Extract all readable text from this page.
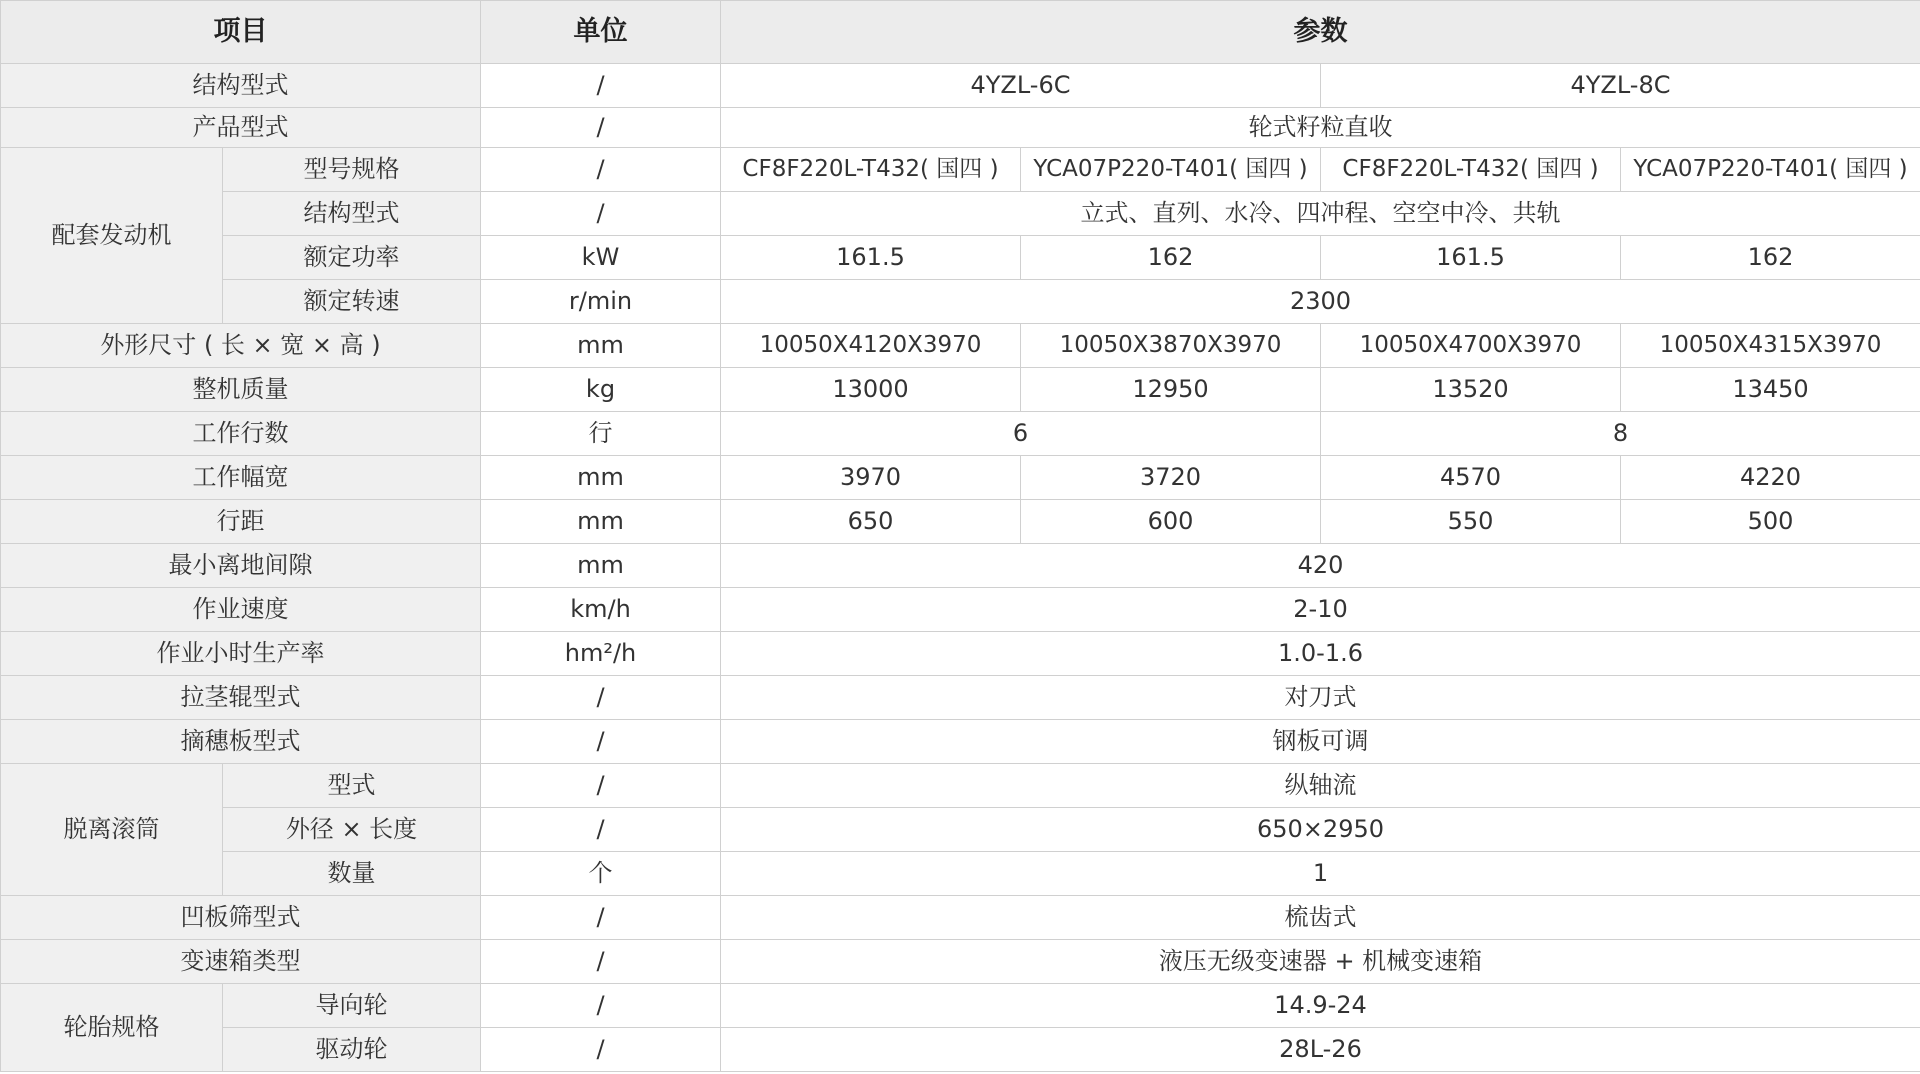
项目		单位	参数			
结构型式		/	4YZL-6C		4YZL-8C	
产品型式		/	轮式籽粒直收			
配套发动机	型号规格	/	CF8F220L-T432( 国四 )	YCA07P220-T401( 国四 )	CF8F220L-T432( 国四 )	YCA07P220-T401( 国四 )
	结构型式	/	立式、直列、水冷、四冲程、空空中冷、共轨			
	额定功率	kW	161.5	162	161.5	162
	额定转速	r/min	2300			
外形尺寸 ( 长 × 宽 × 高 )		mm	10050X4120X3970	10050X3870X3970	10050X4700X3970	10050X4315X3970
整机质量		kg	13000	12950	13520	13450
工作行数		行	6		8	
工作幅宽		mm	3970	3720	4570	4220
行距		mm	650	600	550	500
最小离地间隙		mm	420			
作业速度		km/h	2-10			
作业小时生产率		hm²/h	1.0-1.6			
拉茎辊型式		/	对刀式			
摘穗板型式		/	钢板可调			
脱离滚筒	型式	/	纵轴流			
	外径 × 长度	/	650×2950			
	数量	个	1			
凹板筛型式		/	梳齿式			
变速箱类型		/	液压无级变速器 + 机械变速箱			
轮胎规格	导向轮	/	14.9-24			
	驱动轮	/	28L-26			
